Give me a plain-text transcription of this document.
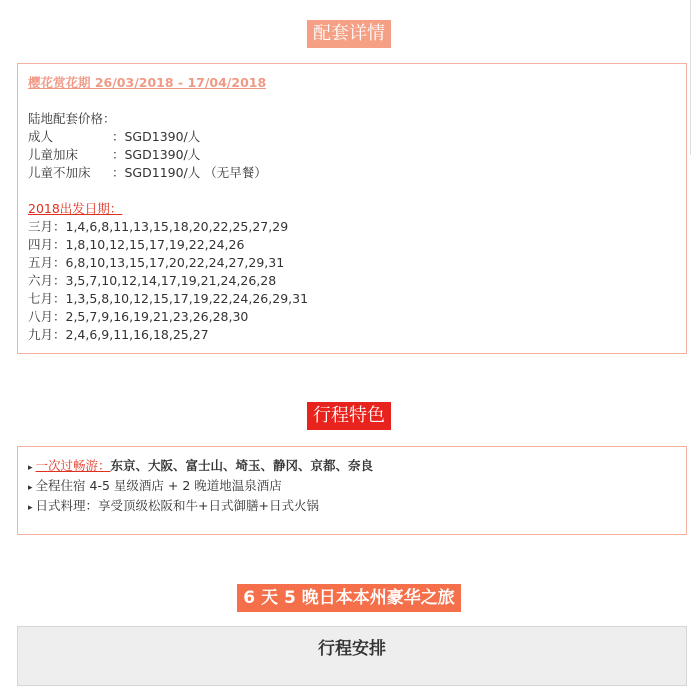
配套详情
樱花赏花期 26/03/2018 - 17/04/2018
陆地配套价格：
成人	：SGD1390/人
儿童加床	：SGD1390/人
儿童不加床 ：SGD1190/人 （无早餐）
2018出发日期：
三月：1,4,6,8,11,13,15,18,20,22,25,27,29
四月：1,8,10,12,15,17,19,22,24,26
五月：6,8,10,13,15,17,20,22,24,27,29,31
六月：3,5,7,10,12,14,17,19,21,24,26,28
七月：1,3,5,8,10,12,15,17,19,22,24,26,29,31
八月：2,5,7,9,16,19,21,23,26,28,30
九月：2,4,6,9,11,16,18,25,27
行程特色
▸ 一次过畅游：东京、大阪、富士山、埼玉、静冈、京都、奈良
▸ 全程住宿 4-5 星级酒店 + 2 晚道地温泉酒店
▸ 日式料理：享受顶级松阪和牛+日式御膳+日式火锅
6 天 5 晚日本本州豪华之旅
行程安排
